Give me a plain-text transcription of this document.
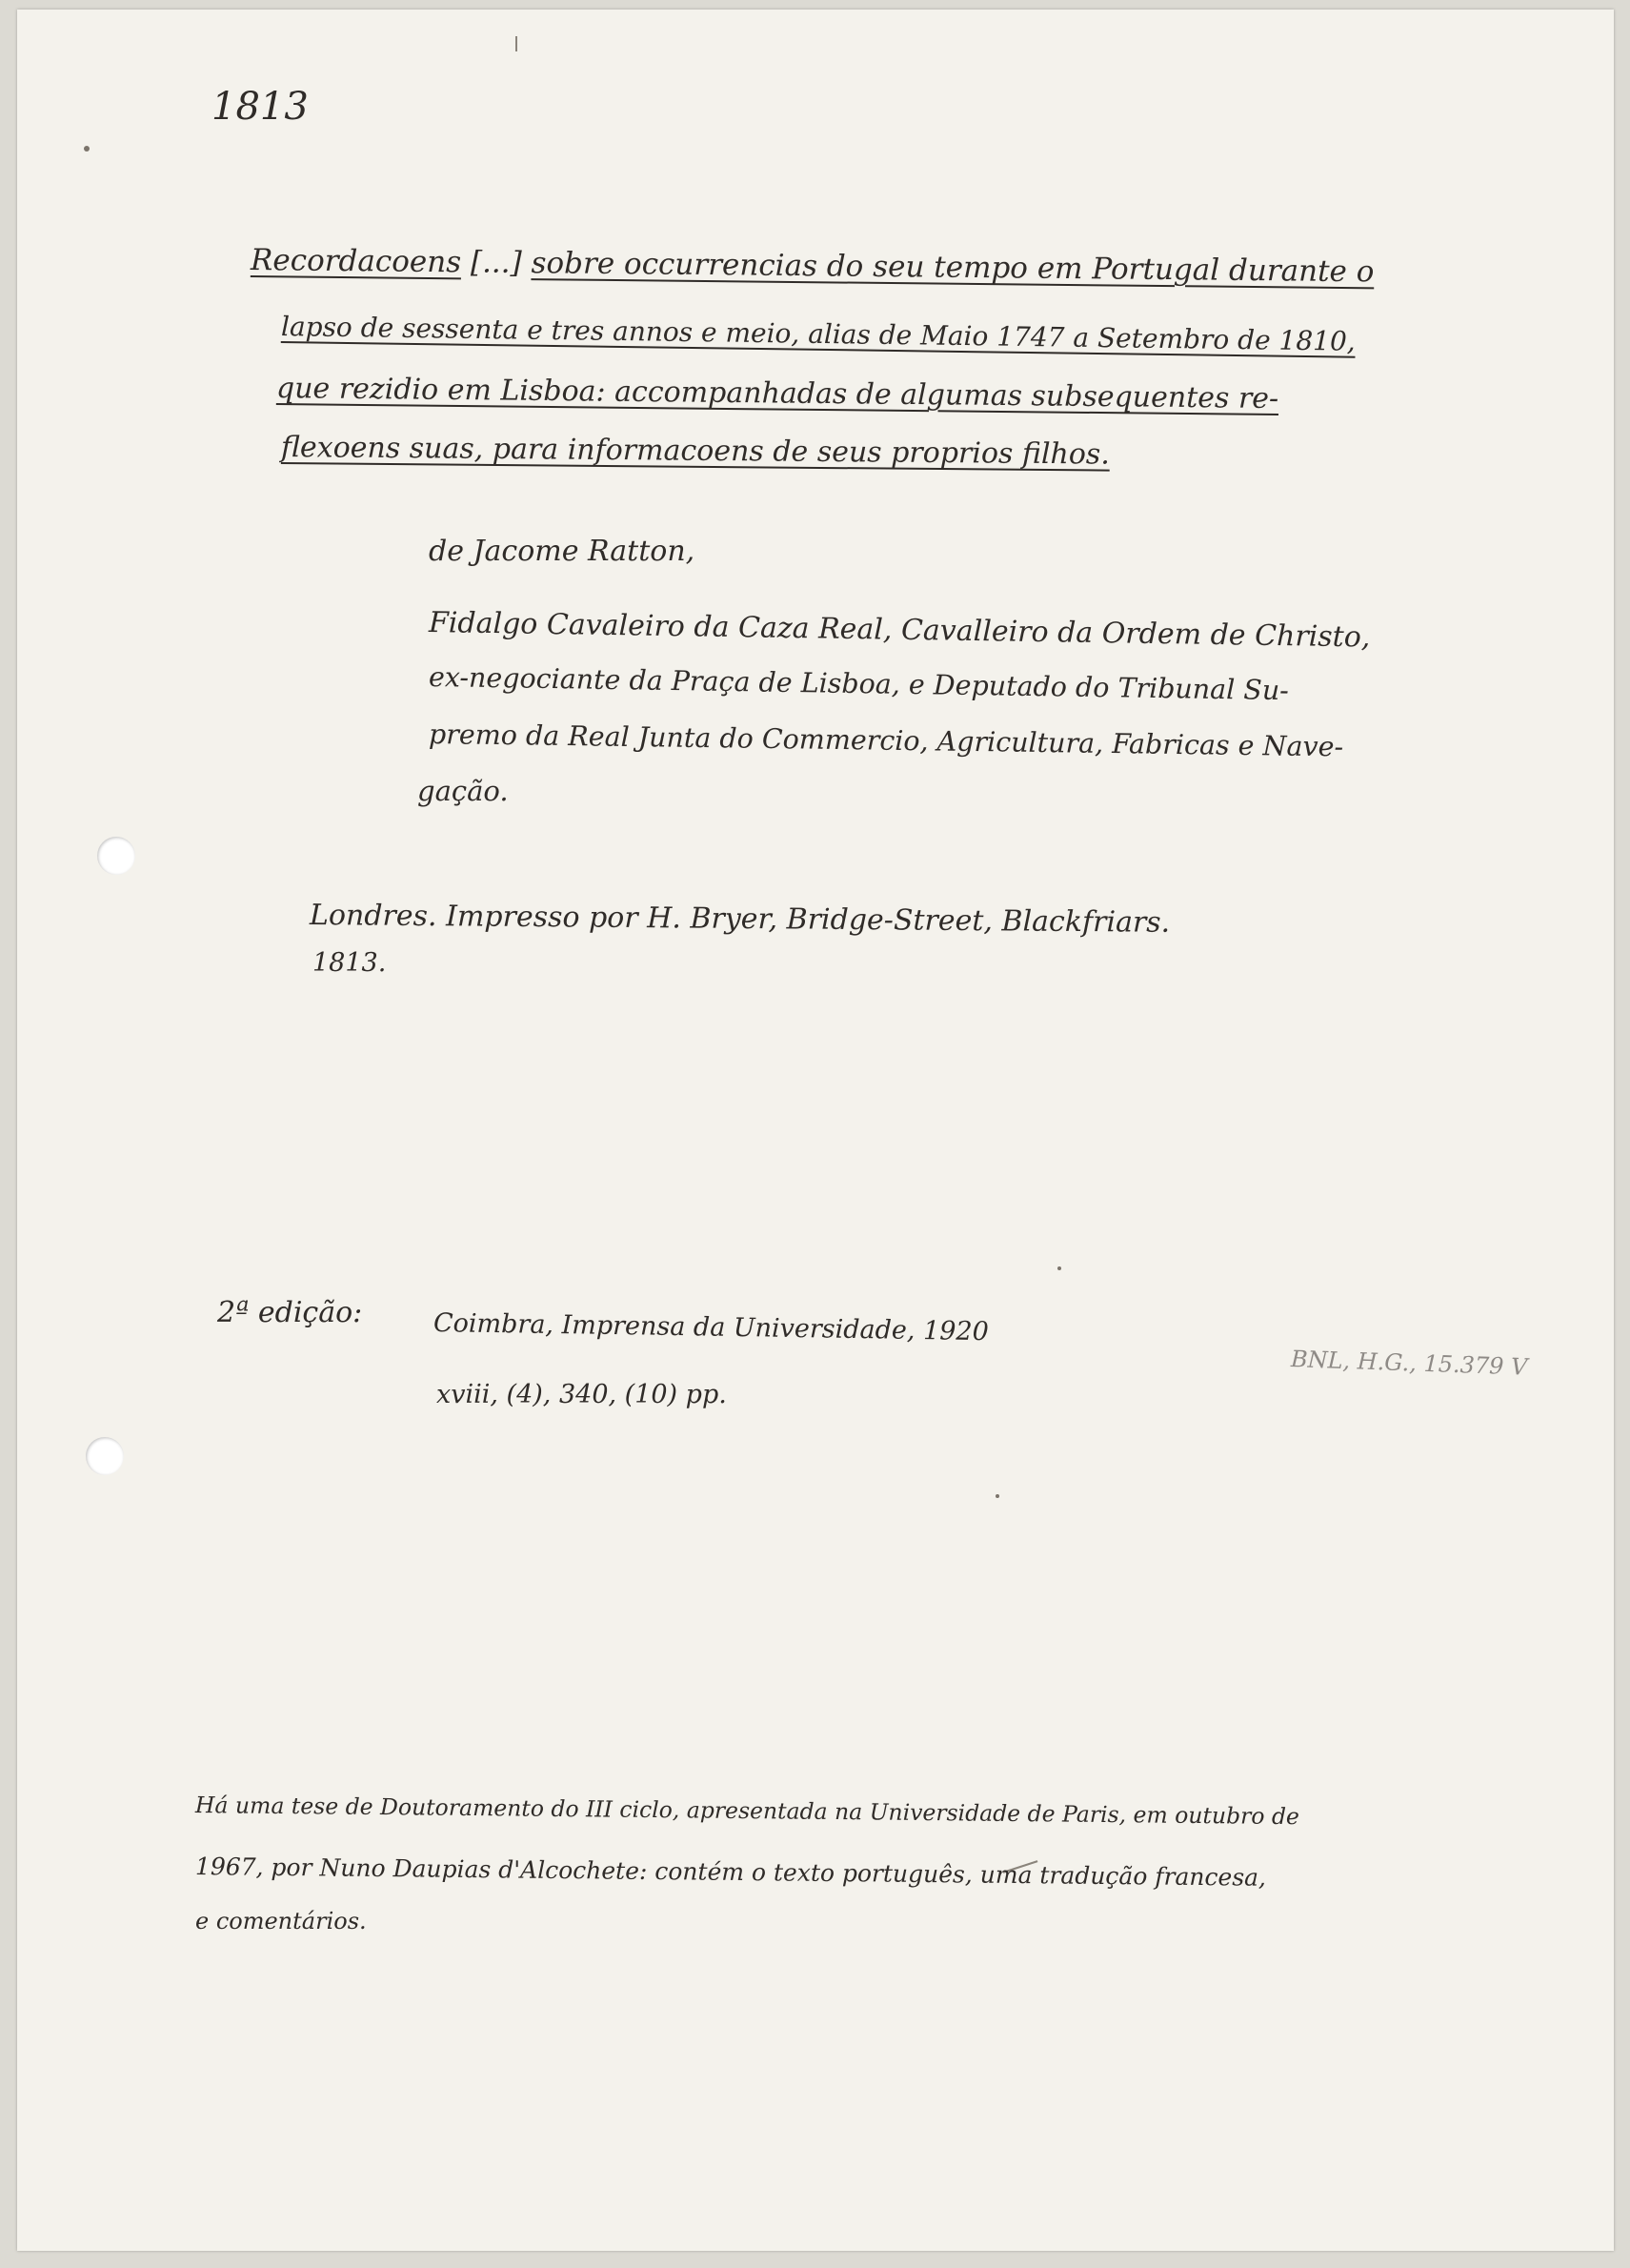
1813
Recordacoens [...] sobre occurrencias do seu tempo em Portugal durante o
lapso de sessenta e tres annos e meio, alias de Maio 1747 a Setembro de 1810,
que rezidio em Lisboa: accompanhadas de algumas subsequentes re-
flexoens suas, para informacoens de seus proprios filhos.
de Jacome Ratton,
Fidalgo Cavaleiro da Caza Real, Cavalleiro da Ordem de Christo,
ex-negociante da Praça de Lisboa, e Deputado do Tribunal Su-
premo da Real Junta do Commercio, Agricultura, Fabricas e Nave-
gação.
Londres. Impresso por H. Bryer, Bridge-Street, Blackfriars.
1813.
2ª edição:	Coimbra, Imprensa da Universidade, 1920
xviii, (4), 340, (10) pp.
BNL, H.G., 15.379 V
Há uma tese de Doutoramento do III ciclo, apresentada na Universidade de Paris, em outubro de
1967, por Nuno Daupias d'Alcochete: contém o texto português, uma tradução francesa,
e comentários.
